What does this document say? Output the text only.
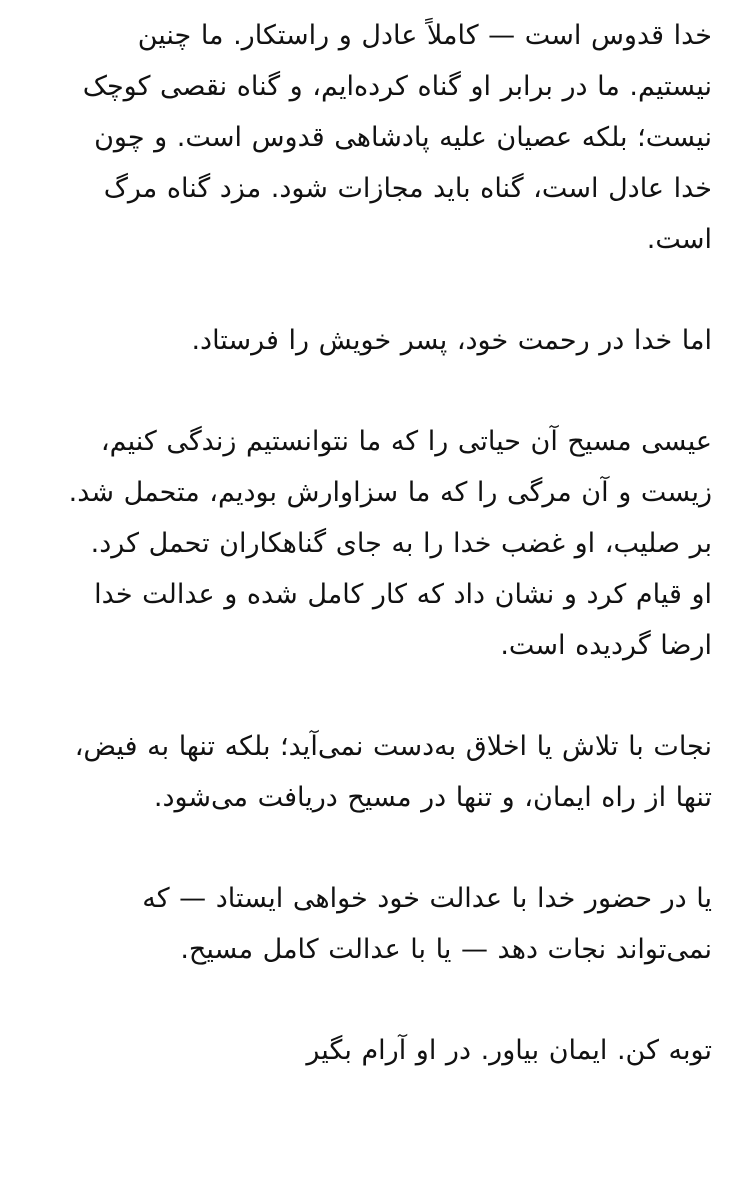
خدا قدوس است — کاملاً عادل و راستکار. ما چنین نیستیم. ما در برابر او گناه کرده‌ایم، و گناه نقصی کوچک نیست؛ بلکه عصیان علیه پادشاهی قدوس است. و چون خدا عادل است، گناه باید مجازات شود. مزد گناه مرگ است.

اما خدا در رحمت خود، پسر خویش را فرستاد.

عیسی مسیح آن حیاتی را که ما نتوانستیم زندگی کنیم، زیست و آن مرگی را که ما سزاوارش بودیم، متحمل شد. بر صلیب، او غضب خدا را به جای گناهکاران تحمل کرد. او قیام کرد و نشان داد که کار کامل شده و عدالت خدا ارضا گردیده است.

نجات با تلاش یا اخلاق به‌دست نمی‌آید؛ بلکه تنها به فیض، تنها از راه ایمان، و تنها در مسیح دریافت می‌شود.

یا در حضور خدا با عدالت خود خواهی ایستاد — که نمی‌تواند نجات دهد — یا با عدالت کامل مسیح.

توبه کن. ایمان بیاور. در او آرام بگیر
